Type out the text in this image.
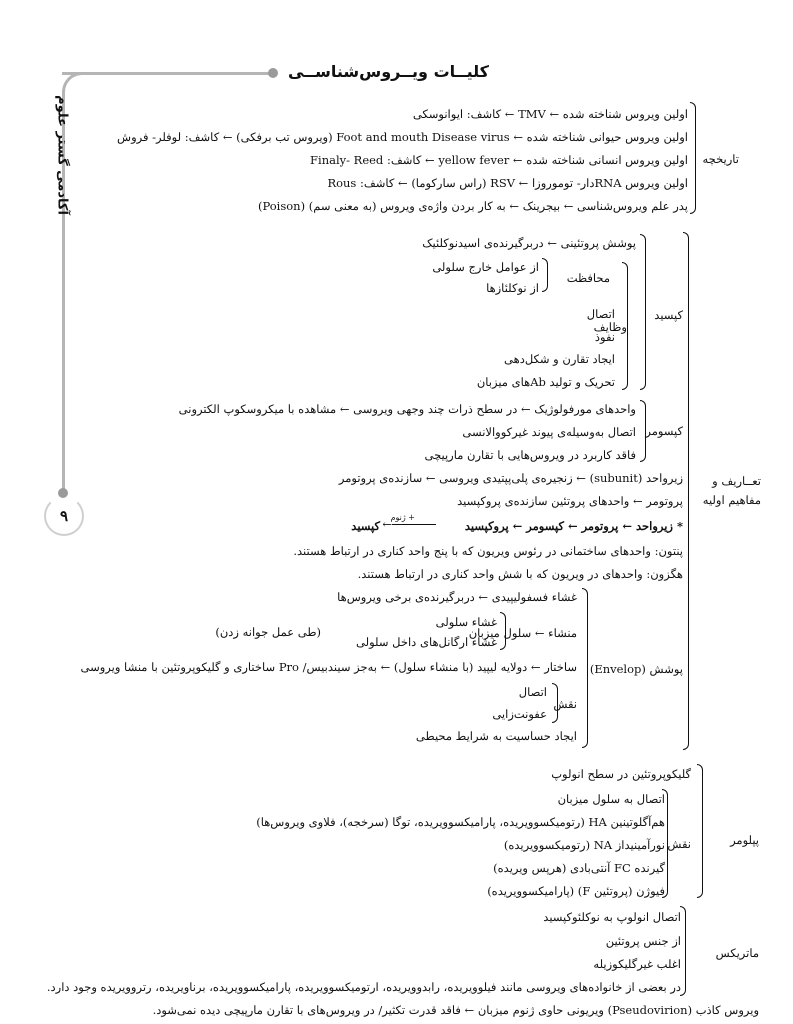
آکادمی گستر علوم
۹
کلیــات ویــروس‌شناســی
تاریخچه
اولین ویروس شناخته شده ← TMV ← کاشف: ایوانوسکی
اولین ویروس حیوانی شناخته شده ← Foot and mouth Disease virus (ویروس تب برفکی) ← کاشف: لوفلر- فروش
اولین ویروس انسانی شناخته شده ← yellow fever ← کاشف: Finaly- Reed
اولین ویروس RNAدار- توموروزا ← RSV (راس سارکوما) ← کاشف: Rous
پدر علم ویروس‌شناسی ← بیجرینک ← به کار بردن واژه‌ی ویروس (به معنی سم) (Poison)
تعــاریف و
مفاهیم اولیه
کپسید
پوشش پروتئینی ← دربرگیرنده‌ی اسیدنوکلئیک
وظایف
محافظت
از عوامل خارج سلولی
از نوکلئازها
اتصال
نفوذ
ایجاد تقارن و شکل‌دهی
تحریک و تولید Abهای میزبان
کپسومر
واحدهای مورفولوژیک ← در سطح ذرات چند وجهی ویروسی ← مشاهده با میکروسکوپ الکترونی
اتصال به‌وسیله‌ی پیوند غیرکووالانسی
فاقد کاربرد در ویروس‌هایی با تقارن مارپیچی
زیرواحد (subunit) ← زنجیره‌ی پلی‌پپتیدی ویروسی ← سازنده‌ی پروتومر
پروتومر ← واحدهای پروتئین سازنده‌ی پروکپسید
* زیرواحد ← پروتومر ← کپسومر ← پروکپسید
+ ژنوم
←
کپسید
پنتون: واحدهای ساختمانی در رئوس ویریون که با پنج واحد کناری در ارتباط هستند.
هگزون: واحدهای در ویریون که با شش واحد کناری در ارتباط هستند.
پوشش (Envelop)
غشاء فسفولیپیدی ← دربرگیرنده‌ی برخی ویروس‌ها
منشاء ← سلول میزبان
غشاء سلولی
غشاء ارگانل‌های داخل سلولی
(طی عمل جوانه زدن)
ساختار ← دولایه لیپید (با منشاء سلول) ← به‌جز سیندبیس/ Pro ساختاری و گلیکوپروتئین با منشا ویروسی
نقش
اتصال
عفونت‌زایی
ایجاد حساسیت به شرایط محیطی
پپلومر
گلیکوپروتئین در سطح انولوپ
نقش
اتصال به سلول میزبان
هم‌آگلوتینین HA (رتومیکسوویریده، پارامیکسوویریده، توگا (سرخجه)، فلاوی ویروس‌ها)
نورآمینیداز NA (رتومیکسوویریده)
گیرنده FC آنتی‌بادی (هرپس ویریده)
فیوژن (پروتئین F) (پارامیکسوویریده)
ماتریکس
اتصال انولوپ به نوکلئوکپسید
از جنس پروتئین
اغلب غیرگلیکوزیله
در بعضی از خانواده‌های ویروسی مانند فیلوویریده، رابدوویریده، ارتومیکسوویریده، پارامیکسوویریده، برناویریده، رتروویریده وجود دارد.
ویروس کاذب (Pseudovirion) ویریونی حاوی ژنوم میزبان ← فاقد قدرت تکثیر/ در ویروس‌های با تقارن مارپیچی دیده نمی‌شود.
